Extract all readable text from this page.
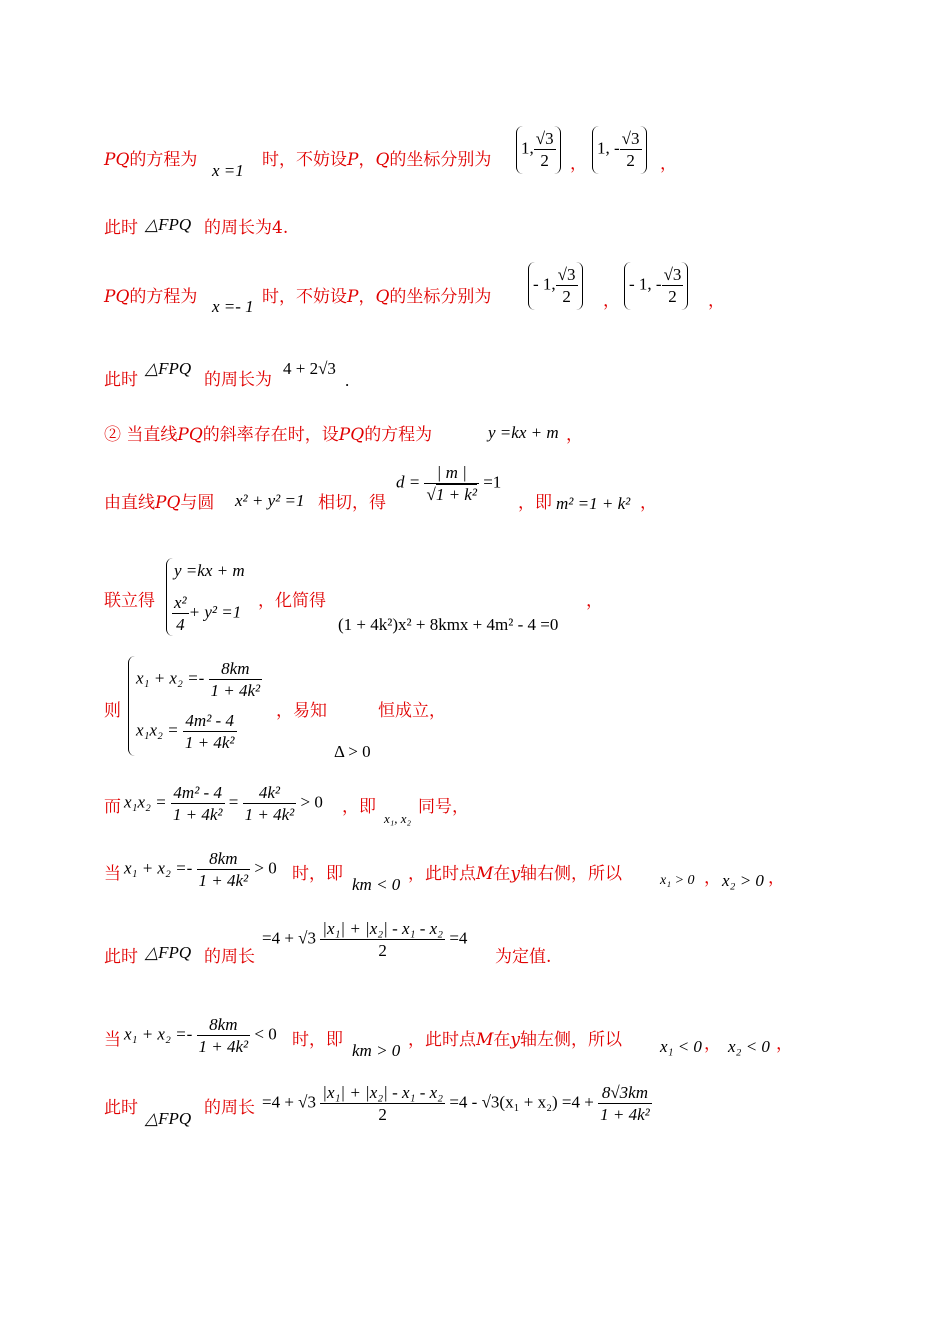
PQ的方程为
x =1
时，不妨设P，Q的坐标分别为
1, $\frac{√3}{2}$ ，
1, - $\frac{√3}{2}$ ，
此时 △FPQ 的周长为4.
PQ的方程为 x =- 1 时，不妨设P，Q的坐标分别为
- 1, $\frac{√3}{2}$ ，
- 1, - $\frac{√3}{2}$ ，
此时
△FPQ
的周长为
4 + 2√3
.
② 当直线PQ的斜率存在时，设PQ的方程为	y =kx + m ，
由直线PQ与圆 x² + y² =1 相切，得
$d = \frac{| m |}{\text{√1 + k²}} =1$
，即 m² =1 + k² ，
联立得
y =kx + m
$\frac{\text{x²}}{4} + y^2 =1$
，化简得
(1 + 4k²)x² + 8kmx + 4m² - 4 =0
，
则
$x_1 + x_2 =- \frac{8km}{\text{1 + 4k²}}$
$x_1x_2 = \frac{\text{4m² - 4}}{\text{1 + 4k²}}$ ，易知	恒成立，
Δ > 0
而 $x_1x_2 = \frac{\text{4m² - 4}}{\text{1 + 4k²}} = \frac{\text{4k²}}{\text{1 + 4k²}} > 0$ ，即
x₁, x₂
同号，
当 $x_1 + x_2 =- \frac{8km}{\text{1 + 4k²}} > 0$ 时，即
km < 0
，此时点M在y轴右侧，所以	x₁ > 0 ， x₂ > 0 ，
此时 △FPQ 的周长
$=4 + √3 \frac{\text{|x₁| + |x₂| - x₁ - x₂}}{2} =4$
为定值.
当 $x_1 + x_2 =- \frac{8km}{\text{1 + 4k²}} < 0$ 时，即
km > 0
，此时点M在y轴左侧，所以 x₁ < 0 ， x₂ < 0 ，
此时
△FPQ
的周长 $=4 + √3 \frac{\text{|x₁| + |x₂| - x₁ - x₂}}{2} =4 - √3(x_1 + x_2) =4 + \frac{8√3km}{\text{1 + 4k²}}$
